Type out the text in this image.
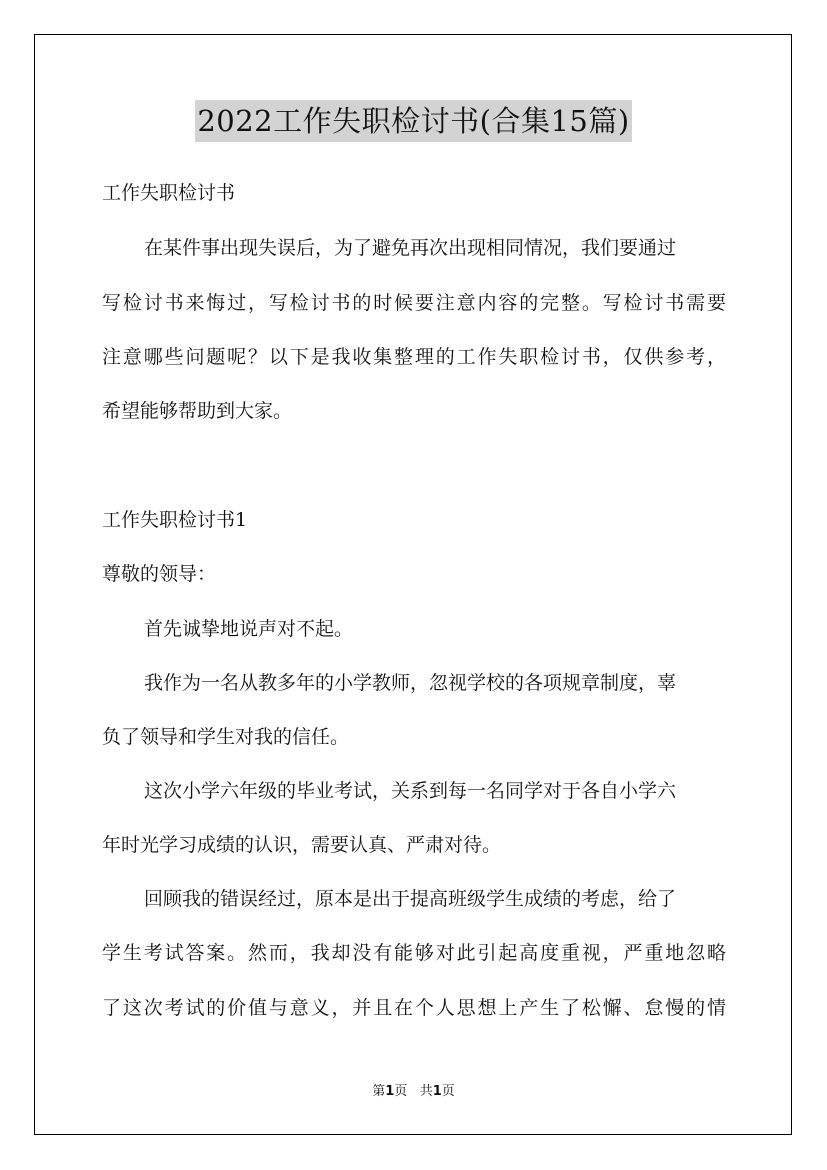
2022工作失职检讨书(合集15篇)
工作失职检讨书
在某件事出现失误后，为了避免再次出现相同情况，我们要通过
写检讨书来悔过，写检讨书的时候要注意内容的完整。写检讨书需要
注意哪些问题呢？以下是我收集整理的工作失职检讨书，仅供参考，
希望能够帮助到大家。
工作失职检讨书1
尊敬的领导：
首先诚挚地说声对不起。
我作为一名从教多年的小学教师，忽视学校的各项规章制度，辜
负了领导和学生对我的信任。
这次小学六年级的毕业考试，关系到每一名同学对于各自小学六
年时光学习成绩的认识，需要认真、严肃对待。
回顾我的错误经过，原本是出于提高班级学生成绩的考虑，给了
学生考试答案。然而，我却没有能够对此引起高度重视，严重地忽略
了这次考试的价值与意义，并且在个人思想上产生了松懈、怠慢的情
第1页 共1页
